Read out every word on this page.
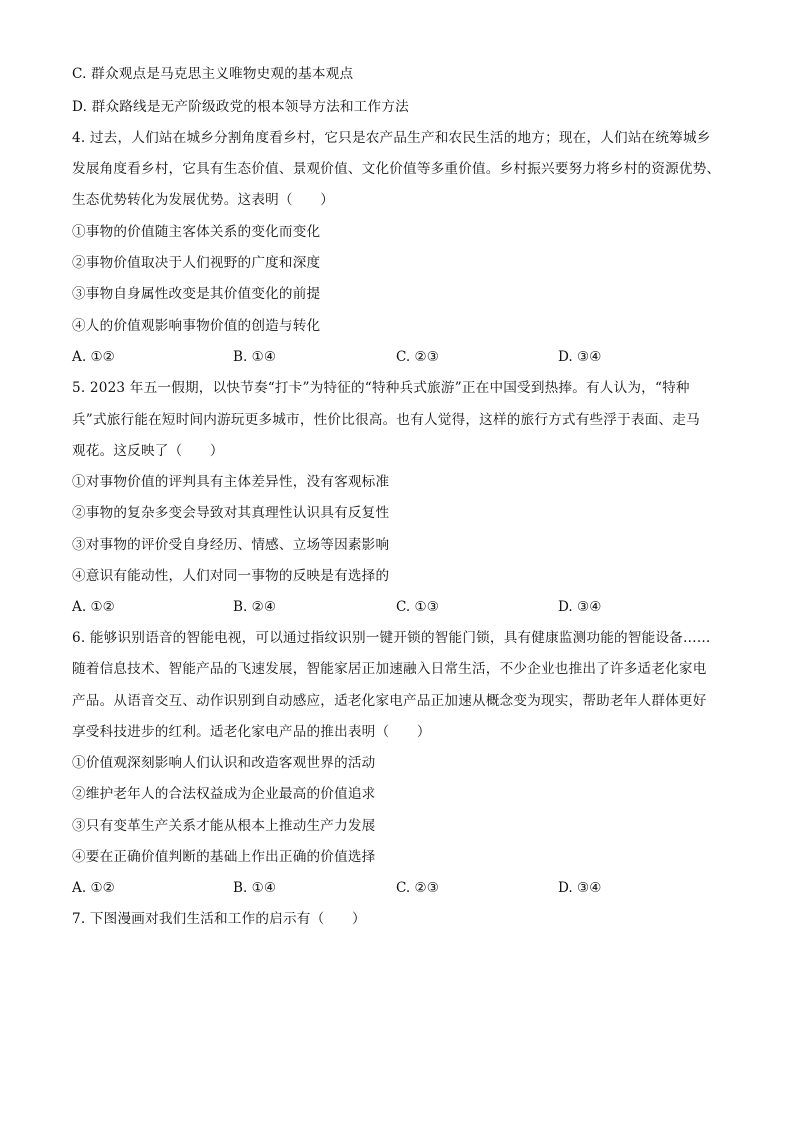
C. 群众观点是马克思主义唯物史观的基本观点
D. 群众路线是无产阶级政党的根本领导方法和工作方法
4. 过去，人们站在城乡分割角度看乡村，它只是农产品生产和农民生活的地方；现在，人们站在统筹城乡
发展角度看乡村，它具有生态价值、景观价值、文化价值等多重价值。乡村振兴要努力将乡村的资源优势、
生态优势转化为发展优势。这表明（　　）
①事物的价值随主客体关系的变化而变化
②事物价值取决于人们视野的广度和深度
③事物自身属性改变是其价值变化的前提
④人的价值观影响事物价值的创造与转化
A. ①②	B. ①④	C. ②③	D. ③④
5. 2023 年五一假期，以快节奏“打卡”为特征的“特种兵式旅游”正在中国受到热捧。有人认为，“特种
兵”式旅行能在短时间内游玩更多城市，性价比很高。也有人觉得，这样的旅行方式有些浮于表面、走马
观花。这反映了（　　）
①对事物价值的评判具有主体差异性，没有客观标准
②事物的复杂多变会导致对其真理性认识具有反复性
③对事物的评价受自身经历、情感、立场等因素影响
④意识有能动性，人们对同一事物的反映是有选择的
A. ①②	B. ②④	C. ①③	D. ③④
6. 能够识别语音的智能电视，可以通过指纹识别一键开锁的智能门锁，具有健康监测功能的智能设备……
随着信息技术、智能产品的飞速发展，智能家居正加速融入日常生活，不少企业也推出了许多适老化家电
产品。从语音交互、动作识别到自动感应，适老化家电产品正加速从概念变为现实，帮助老年人群体更好
享受科技进步的红利。适老化家电产品的推出表明（　　）
①价值观深刻影响人们认识和改造客观世界的活动
②维护老年人的合法权益成为企业最高的价值追求
③只有变革生产关系才能从根本上推动生产力发展
④要在正确价值判断的基础上作出正确的价值选择
A. ①②	B. ①④	C. ②③	D. ③④
7. 下图漫画对我们生活和工作的启示有（　　）
